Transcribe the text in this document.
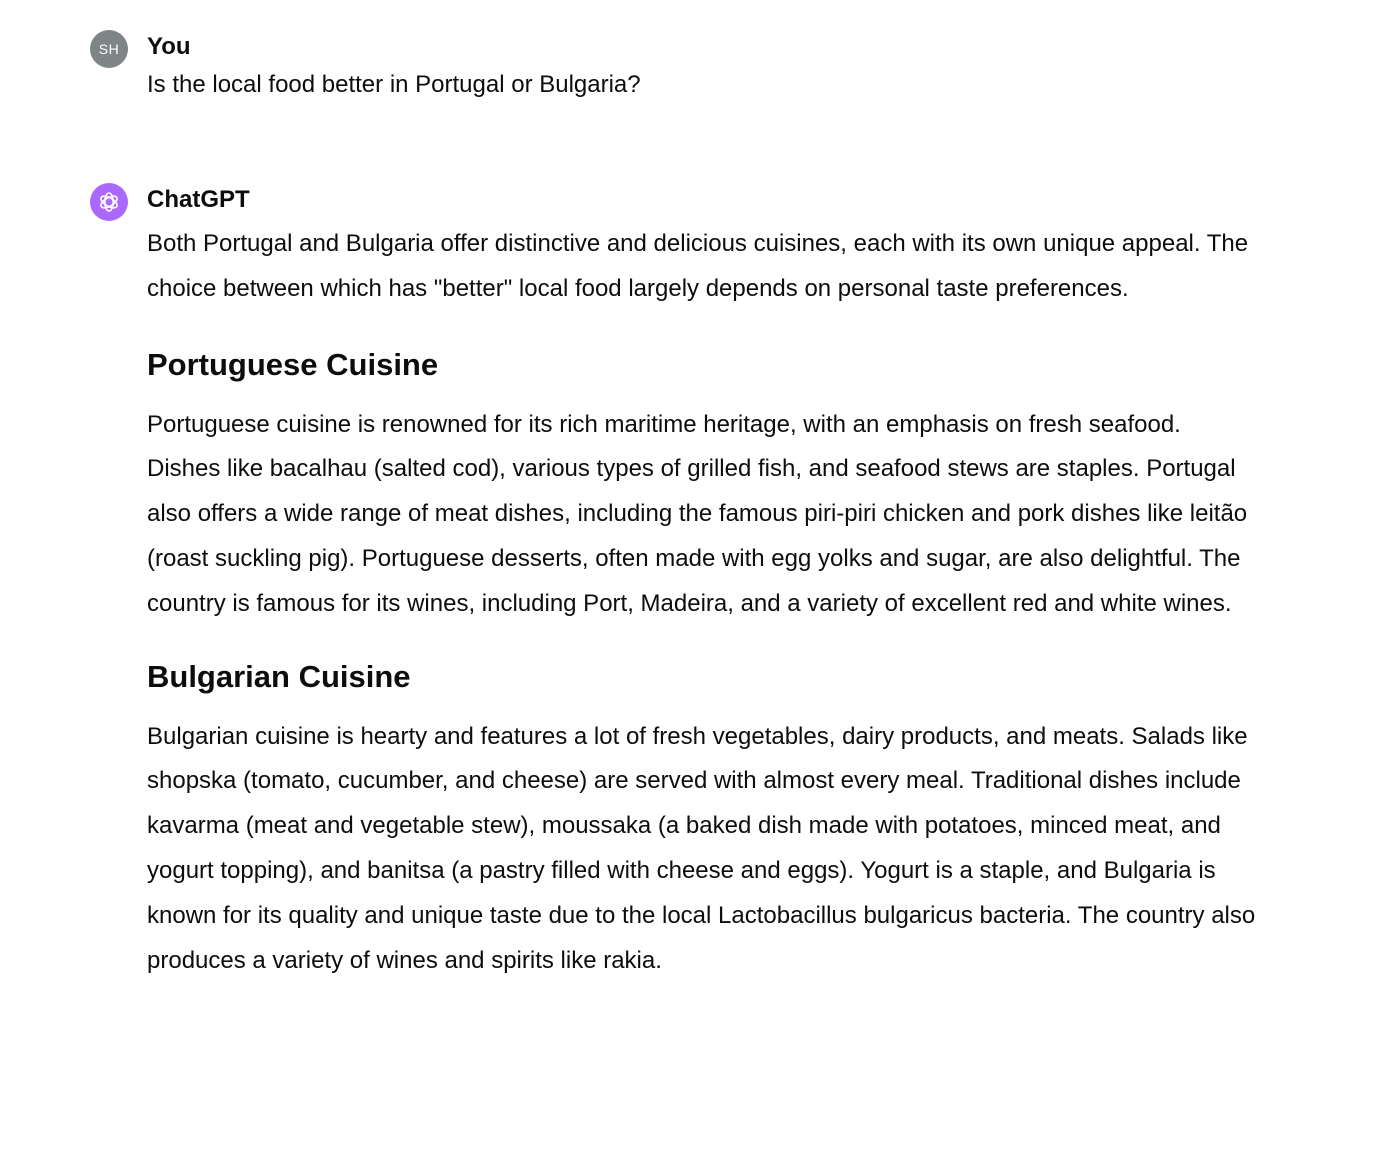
SH You

Is the local food better in Portugal or Bulgaria?

ChatGPT

Both Portugal and Bulgaria offer distinctive and delicious cuisines, each with its own unique appeal. The choice between which has "better" local food largely depends on personal taste preferences.

Portuguese Cuisine

Portuguese cuisine is renowned for its rich maritime heritage, with an emphasis on fresh seafood. Dishes like bacalhau (salted cod), various types of grilled fish, and seafood stews are staples. Portugal also offers a wide range of meat dishes, including the famous piri-piri chicken and pork dishes like leitão (roast suckling pig). Portuguese desserts, often made with egg yolks and sugar, are also delightful. The country is famous for its wines, including Port, Madeira, and a variety of excellent red and white wines.

Bulgarian Cuisine

Bulgarian cuisine is hearty and features a lot of fresh vegetables, dairy products, and meats. Salads like shopska (tomato, cucumber, and cheese) are served with almost every meal. Traditional dishes include kavarma (meat and vegetable stew), moussaka (a baked dish made with potatoes, minced meat, and yogurt topping), and banitsa (a pastry filled with cheese and eggs). Yogurt is a staple, and Bulgaria is known for its quality and unique taste due to the local Lactobacillus bulgaricus bacteria. The country also produces a variety of wines and spirits like rakia.
